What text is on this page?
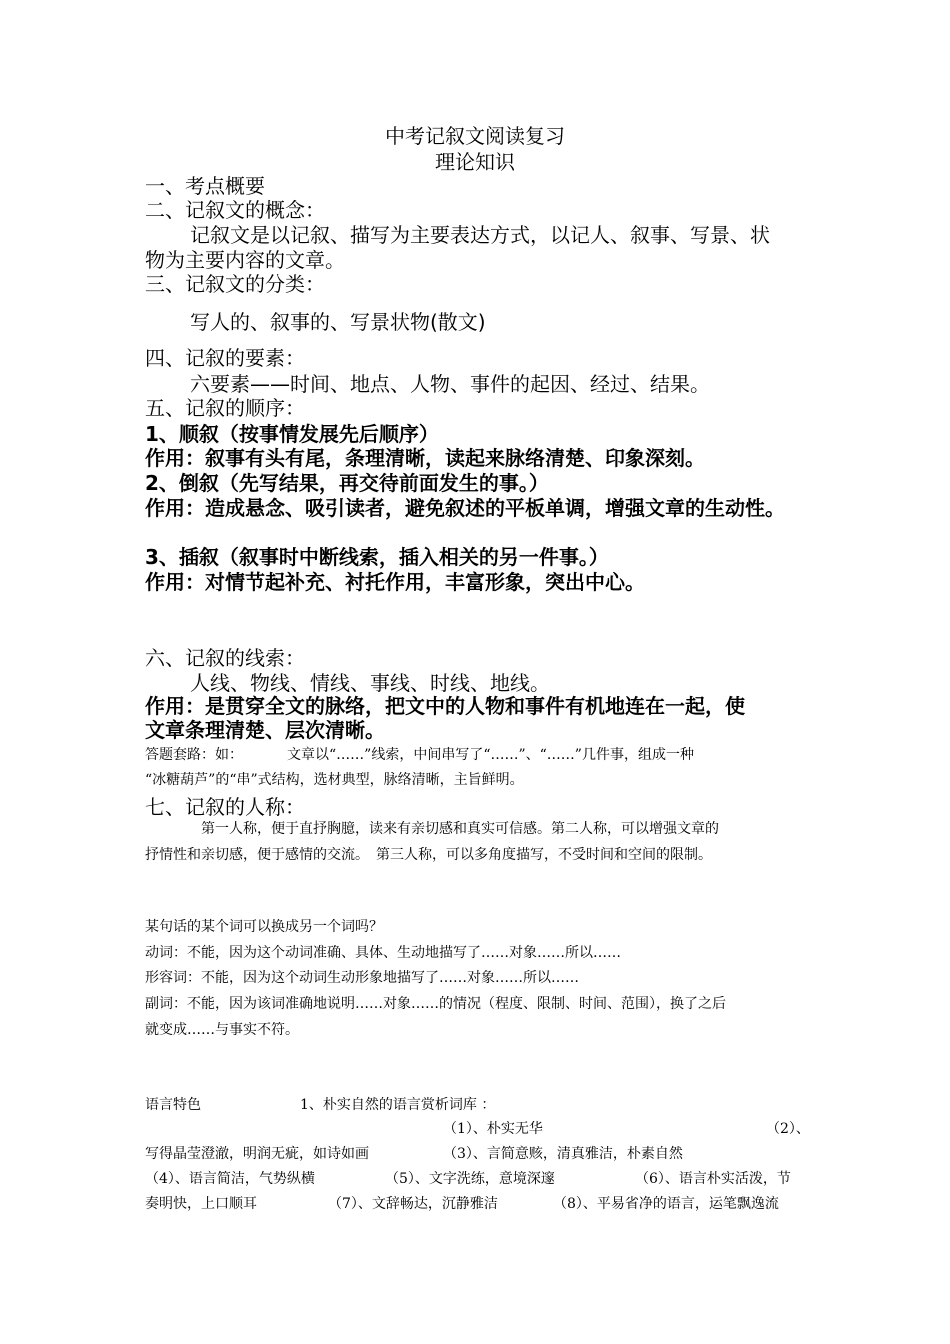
中考记叙文阅读复习

理论知识

一、考点概要

二、记叙文的概念：

记叙文是以记叙、描写为主要表达方式，以记人、叙事、写景、状

物为主要内容的文章。

三、记叙文的分类：

写人的、叙事的、写景状物(散文)

四、记叙的要素：

六要素——时间、地点、人物、事件的起因、经过、结果。

五、记叙的顺序：

1、顺叙（按事情发展先后顺序）

作用：叙事有头有尾，条理清晰，读起来脉络清楚、印象深刻。

2、倒叙（先写结果，再交待前面发生的事。）

作用：造成悬念、吸引读者，避免叙述的平板单调，增强文章的生动性。

3、插叙（叙事时中断线索，插入相关的另一件事。）

作用：对情节起补充、衬托作用，丰富形象，突出中心。

六、记叙的线索：

人线、物线、情线、事线、时线、地线。

作用：是贯穿全文的脉络，把文中的人物和事件有机地连在一起，使

文章条理清楚、层次清晰。

答题套路：如：	文章以“……”线索，中间串写了“……”、“……”几件事，组成一种

“冰糖葫芦”的“串”式结构，选材典型，脉络清晰，主旨鲜明。

七、记叙的人称：

第一人称，便于直抒胸臆，读来有亲切感和真实可信感。第二人称，可以增强文章的

抒情性和亲切感，便于感情的交流。　第三人称，可以多角度描写，不受时间和空间的限制。

某句话的某个词可以换成另一个词吗？

动词：不能，因为这个动词准确、具体、生动地描写了……对象……所以……

形容词：不能，因为这个动词生动形象地描写了……对象……所以……

副词：不能，因为该词准确地说明……对象……的情况（程度、限制、时间、范围），换了之后

就变成……与事实不符。

语言特色	1、朴实自然的语言赏析词库 ：

（1）、朴实无华	（2）、

写得晶莹澄澈，明润无疵，如诗如画	（3）、言简意赅，清真雅洁，朴素自然

（4）、语言简洁，气势纵横	（5）、文字洗练，意境深邃	（6）、语言朴实活泼，节

奏明快，上口顺耳	（7）、文辞畅达，沉静雅洁	（8）、平易省净的语言，运笔飘逸流
